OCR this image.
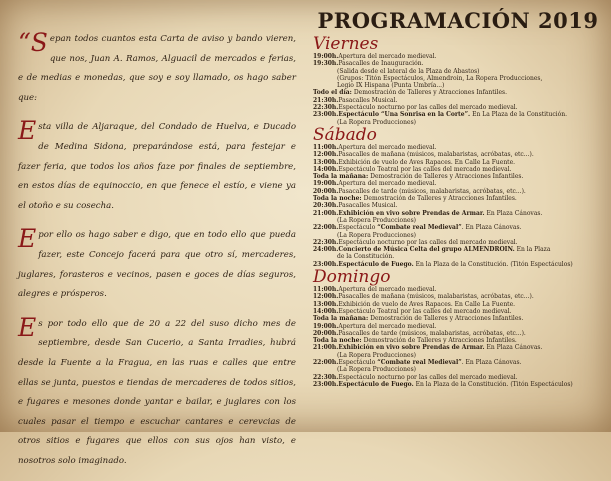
“Sepan todos cuantos esta Carta de aviso y bando vieren, que nos, Juan A. Ramos, Alguacil de mercados e ferias, e de medias e monedas, que soy e soy llamado, os hago saber que:

Esta villa de Aljaraque, del Condado de Huelva, e Ducado de Medina Sidona, preparándose está, para festejar e fazer feria, que todos los años faze por finales de septiembre, en estos días de equinoccio, en que fenece el estío, e viene ya el otoño e su cosecha.

E por ello os hago saber e digo, que en todo ello que pueda fazer, este Concejo facerá para que otro sí, mercaderes, juglares, forasteros e vecinos, pasen e goces de días seguros, alegres e prósperos.

Es por todo ello que de 20 a 22 del suso dicho mes de septiembre, desde San Cucerio, a Santa Irradies, hubrá desde la Fuente a la Fragua, en las ruas e calles que entre ellas se junta, puestos e tiendas de mercaderes de todos sitios, e fugares e mesones donde yantar e bailar, e juglares con los cuales pasar el tiempo e escuchar cantares e cerevcias de otros sitios e fugares que ellos con sus ojos han visto, e nosotros solo imaginado.

PROGRAMACIÓN 2019
Viernes
19:00h.Apertura del mercado medieval.
19:30h.Pasacalles de Inauguración.
(Salida desde el lateral de la Plaza de Abastos)
(Grupos: Titón Espectáculos, Almendroin, La Ropera Producciones,
Legio IX Hispana (Punta Umbría...)
Todo el día: Demostración de Talleres y Atracciones Infantiles.
21:30h.Pasacalles Musical.
22:30h.Espectáculo nocturno por las calles del mercado medieval.
23:00h.Espectáculo “Una Sonrisa en la Corte”. En La Plaza de la Constitución.
(La Ropera Producciones)
Sábado
11:00h.Apertura del mercado medieval.
12:00h.Pasacalles de mañana (músicos, malabaristas, acróbatas, etc...).
13:00h.Exhibición de vuelo de Aves Rapaces. En Calle La Fuente.
14:00h.Espectáculo Teatral por las calles del mercado medieval.
Toda la mañana: Demostración de Talleres y Atracciones Infantiles.
19:00h.Apertura del mercado medieval.
20:00h.Pasacalles de tarde (músicos, malabaristas, acróbatas, etc...).
Toda la noche: Demostración de Talleres y Atracciones Infantiles.
20:30h.Pasacalles Musical.
21:00h.Exhibición en vivo sobre Prendas de Armar. En Plaza Cánovas.
(La Ropera Producciones)
22:00h.Espectáculo “Combate real Medieval”. En Plaza Cánovas.
(La Ropera Producciones)
22:30h.Espectáculo nocturno por las calles del mercado medieval.
24:00h.Concierto de Música Celta del grupo ALMENDROIN. En la Plaza
de la Constitución.
23:00h.Espectáculo de Fuego. En la Plaza de la Constitución. (Titón Espectáculos)
Domingo
11:00h.Apertura del mercado medieval.
12:00h.Pasacalles de mañana (músicos, malabaristas, acróbatas, etc...).
13:00h.Exhibición de vuelo de Aves Rapaces. En Calle La Fuente.
14:00h.Espectáculo Teatral por las calles del mercado medieval.
Toda la mañana: Demostración de Talleres y Atracciones Infantiles.
19:00h.Apertura del mercado medieval.
20:00h.Pasacalles de tarde (músicos, malabaristas, acróbatas, etc...).
Toda la noche: Demostración de Talleres y Atracciones Infantiles.
21:00h.Exhibición en vivo sobre Prendas de Armar. En Plaza Cánovas.
(La Ropera Producciones)
22:00h.Espectáculo “Combate real Medieval”. En Plaza Cánovas.
(La Ropera Producciones)
22:30h.Espectáculo nocturno por las calles del mercado medieval.
23:00h.Espectáculo de Fuego. En la Plaza de la Constitución. (Titón Espectáculos)
